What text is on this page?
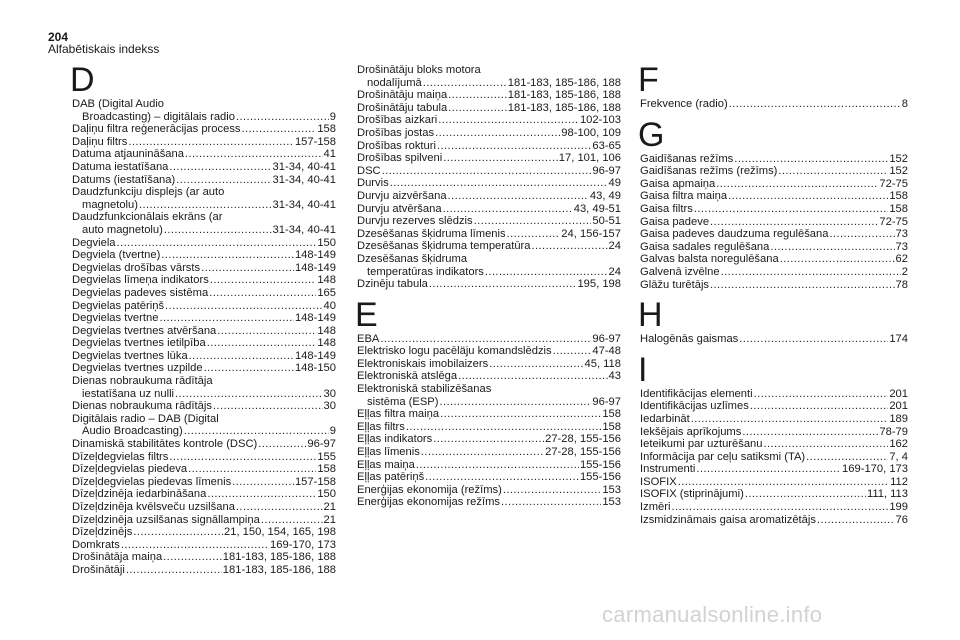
204
Alfabētiskais indekss
D
DAB (Digital Audio
Broadcasting) – digitālais radio .....	9
Daļiņu filtra reģenerācijas process .....	158
Daļiņu filtrs .....	157-158
Datuma atjaunināšana .....	41
Datuma iestatīšana .....	31-34, 40-41
Datums (iestatīšana) .....	31-34, 40-41
Daudzfunkciju displejs (ar auto
magnetolu) .....	31-34, 40-41
Daudzfunkcionālais ekrāns (ar
auto magnetolu) .....	31-34, 40-41
Degviela .....	150
Degviela (tvertne) .....	148-149
Degvielas drošības vārsts .....	148-149
Degvielas līmeņa indikators .....	148
Degvielas padeves sistēma .....	165
Degvielas patēriņš .....	40
Degvielas tvertne .....	148-149
Degvielas tvertnes atvēršana .....	148
Degvielas tvertnes ietilpība .....	148
Degvielas tvertnes lūka .....	148-149
Degvielas tvertnes uzpilde .....	148-150
Dienas nobraukuma rādītāja
iestatīšana uz nulli .....	30
Dienas nobraukuma rādītājs .....	30
Digitālais radio – DAB (Digital
Audio Broadcasting) .....	9
Dinamiskā stabilitātes kontrole (DSC) .....	96-97
Dīzeļdegvielas filtrs .....	155
Dīzeļdegvielas piedeva .....	158
Dīzeļdegvielas piedevas līmenis .....	157-158
Dīzeļdzinēja iedarbināšana .....	150
Dīzeļdzinēja kvēlsveču uzsilšana .....	21
Dīzeļdzinēja uzsilšanas signāllampiņa .....	21
Dīzeļdzinējs .....	21, 150, 154, 165, 198
Domkrats .....	169-170, 173
Drošinātāja maiņa .....	181-183, 185-186, 188
Drošinātāji .....	181-183, 185-186, 188
Drošinātāju bloks motora
nodalījumā .....	181-183, 185-186, 188
Drošinātāju maiņa .....	181-183, 185-186, 188
Drošinātāju tabula .....	181-183, 185-186, 188
Drošības aizkari .....	102-103
Drošības jostas .....	98-100, 109
Drošības rokturi .....	63-65
Drošības spilveni .....	17, 101, 106
DSC .....	96-97
Durvis .....	49
Durvju aizvēršana .....	43, 49
Durvju atvēršana .....	43, 49-51
Durvju rezerves slēdzis .....	50-51
Dzesēšanas šķidruma līmenis .....	24, 156-157
Dzesēšanas šķidruma temperatūra .....	24
Dzesēšanas šķidruma
temperatūras indikators .....	24
Dzinēju tabula .....	195, 198
E
EBA .....	96-97
Elektrisko logu pacēläju komandslēdzis .....	47-48
Elektroniskais imobilaizers .....	45, 118
Elektroniskā atslēga .....	43
Elektroniskā stabilizēšanas
sistēma (ESP) .....	96-97
Eļļas filtra maiņa .....	158
Eļļas filtrs .....	158
Eļļas indikators .....	27-28, 155-156
Eļļas līmenis .....	27-28, 155-156
Eļļas maiņa .....	155-156
Eļļas patēriņš .....	155-156
Enerģijas ekonomija (režīms) .....	153
Enerģijas ekonomijas režīms .....	153
F
Frekvence (radio) .....	8
G
Gaidīšanas režīms .....	152
Gaidīšanas režīms (režīms) .....	152
Gaisa apmaiņa .....	72-75
Gaisa filtra maiņa .....	158
Gaisa filtrs .....	158
Gaisa padeve .....	72-75
Gaisa padeves daudzuma regulēšana .....	73
Gaisa sadales regulēšana .....	73
Galvas balsta noregulēšana .....	62
Galvenā izvēlne .....	2
Glāžu turētājs .....	78
H
Halogēnās gaismas .....	174
I
Identifikācijas elementi .....	201
Identifikācijas uzlīmes .....	201
Iedarbināt .....	189
Iekšējais aprīkojums .....	78-79
Ieteikumi par uzturēšanu .....	162
Informācija par ceļu satiksmi (TA) .....	7, 4
Instrumenti .....	169-170, 173
ISOFIX .....	112
ISOFIX (stiprinājumi) .....	111, 113
Izmēri .....	199
Izsmidzināmais gaisa aromatizētājs .....	76
carmanualsonline.info
